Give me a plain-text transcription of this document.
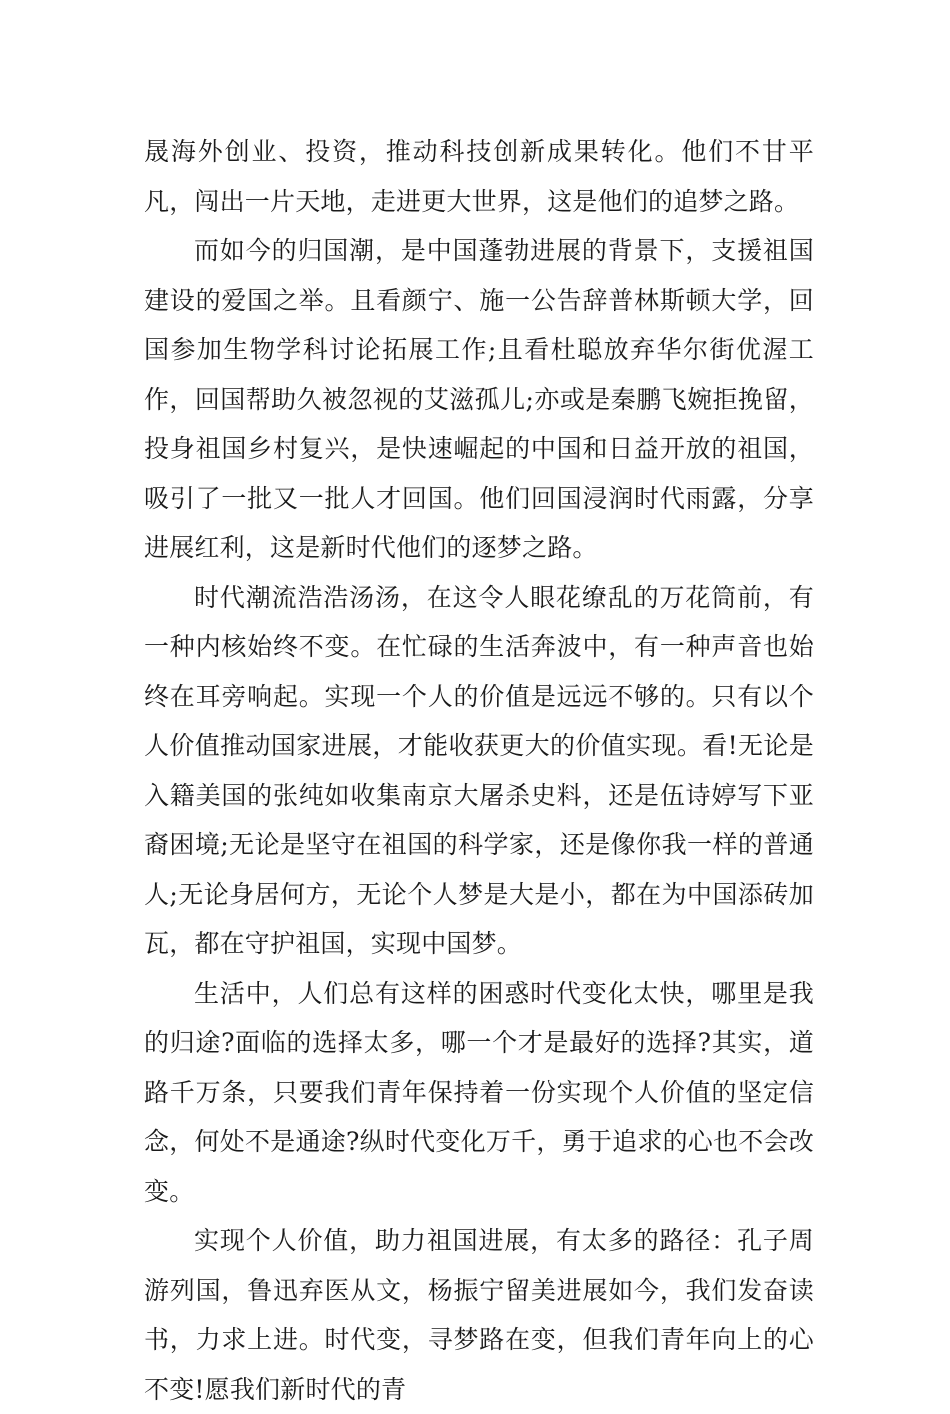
晟海外创业、投资，推动科技创新成果转化。他们不甘平凡，闯出一片天地，走进更大世界，这是他们的追梦之路。

而如今的归国潮，是中国蓬勃进展的背景下，支援祖国建设的爱国之举。且看颜宁、施一公告辞普林斯顿大学，回国参加生物学科讨论拓展工作;且看杜聪放弃华尔街优渥工作，回国帮助久被忽视的艾滋孤儿;亦或是秦鹏飞婉拒挽留，投身祖国乡村复兴，是快速崛起的中国和日益开放的祖国，吸引了一批又一批人才回国。他们回国浸润时代雨露，分享进展红利，这是新时代他们的逐梦之路。

时代潮流浩浩汤汤，在这令人眼花缭乱的万花筒前，有一种内核始终不变。在忙碌的生活奔波中，有一种声音也始终在耳旁响起。实现一个人的价值是远远不够的。只有以个人价值推动国家进展，才能收获更大的价值实现。看!无论是入籍美国的张纯如收集南京大屠杀史料，还是伍诗婷写下亚裔困境;无论是坚守在祖国的科学家，还是像你我一样的普通人;无论身居何方，无论个人梦是大是小，都在为中国添砖加瓦，都在守护祖国，实现中国梦。

生活中，人们总有这样的困惑时代变化太快，哪里是我的归途?面临的选择太多，哪一个才是最好的选择?其实，道路千万条，只要我们青年保持着一份实现个人价值的坚定信念，何处不是通途?纵时代变化万千，勇于追求的心也不会改变。

实现个人价值，助力祖国进展，有太多的路径：孔子周游列国，鲁迅弃医从文，杨振宁留美进展如今，我们发奋读书，力求上进。时代变，寻梦路在变，但我们青年向上的心不变!愿我们新时代的青
